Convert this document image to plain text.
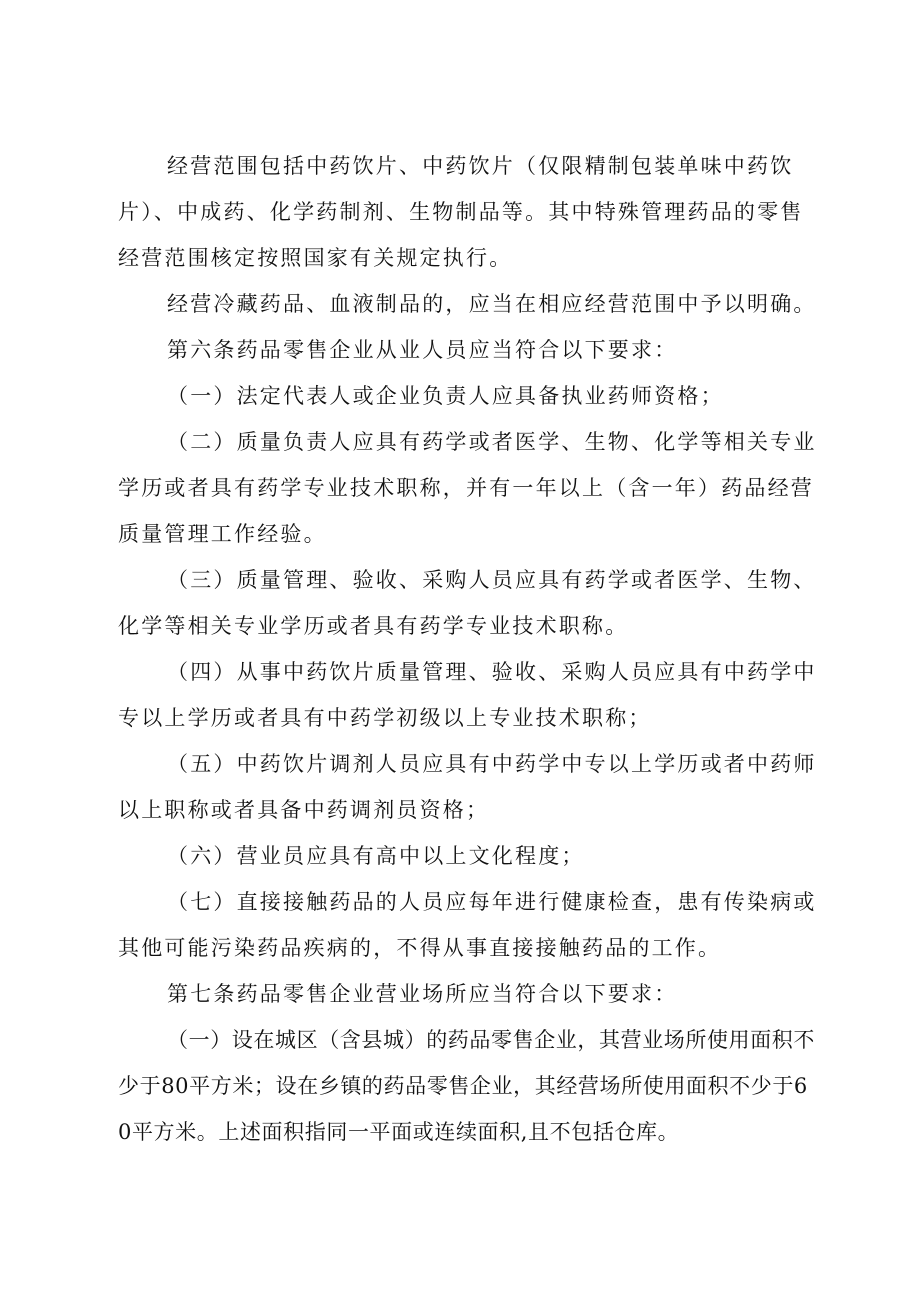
经营范围包括中药饮片、中药饮片（仅限精制包装单味中药饮片）、中成药、化学药制剂、生物制品等。其中特殊管理药品的零售经营范围核定按照国家有关规定执行。

经营冷藏药品、血液制品的，应当在相应经营范围中予以明确。

第六条药品零售企业从业人员应当符合以下要求：

（一）法定代表人或企业负责人应具备执业药师资格；

（二）质量负责人应具有药学或者医学、生物、化学等相关专业学历或者具有药学专业技术职称，并有一年以上（含一年）药品经营质量管理工作经验。

（三）质量管理、验收、采购人员应具有药学或者医学、生物、化学等相关专业学历或者具有药学专业技术职称。

（四）从事中药饮片质量管理、验收、采购人员应具有中药学中专以上学历或者具有中药学初级以上专业技术职称；

（五）中药饮片调剂人员应具有中药学中专以上学历或者中药师以上职称或者具备中药调剂员资格；

（六）营业员应具有高中以上文化程度；

（七）直接接触药品的人员应每年进行健康检查，患有传染病或其他可能污染药品疾病的，不得从事直接接触药品的工作。

第七条药品零售企业营业场所应当符合以下要求：

（一）设在城区（含县城）的药品零售企业，其营业场所使用面积不少于80平方米；设在乡镇的药品零售企业，其经营场所使用面积不少于60平方米。上述面积指同一平面或连续面积,且不包括仓库。
